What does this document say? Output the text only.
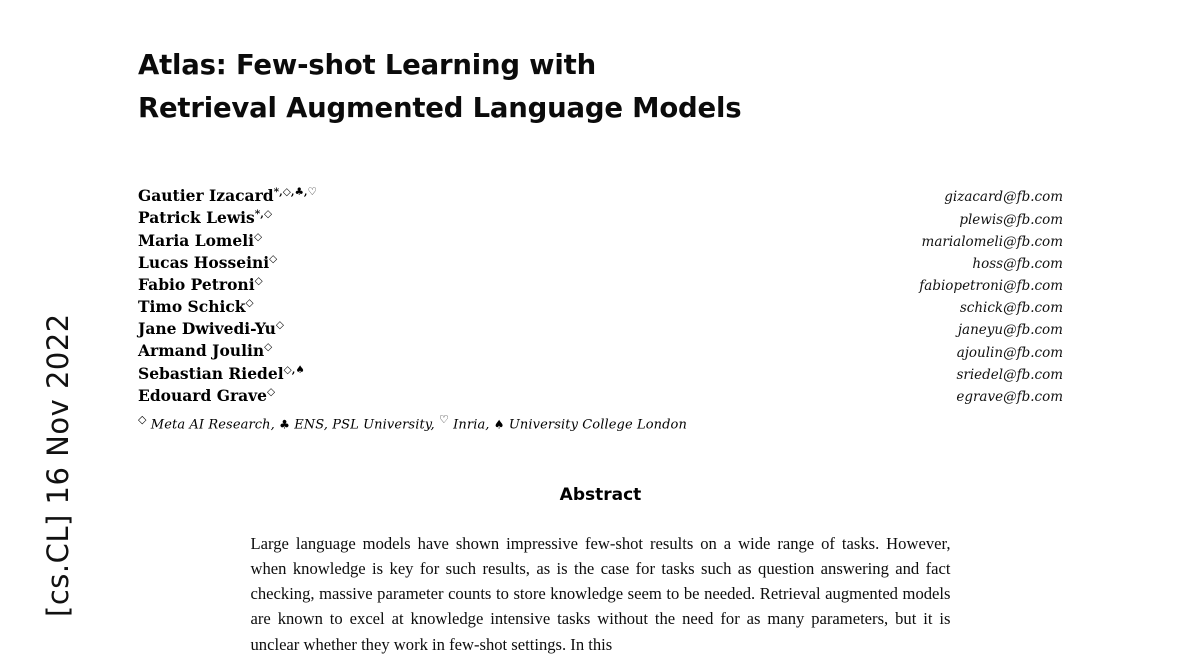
[cs.CL] 16 Nov 2022
Atlas: Few-shot Learning with
Retrieval Augmented Language Models
Gautier Izacard*,◇,♣,♡	gizacard@fb.com
Patrick Lewis*,◇	plewis@fb.com
Maria Lomeli◇	marialomeli@fb.com
Lucas Hosseini◇	hoss@fb.com
Fabio Petroni◇	fabiopetroni@fb.com
Timo Schick◇	schick@fb.com
Jane Dwivedi-Yu◇	janeyu@fb.com
Armand Joulin◇	ajoulin@fb.com
Sebastian Riedel◇,♠	sriedel@fb.com
Edouard Grave◇	egrave@fb.com
◇ Meta AI Research, ♣ ENS, PSL University, ♡ Inria, ♠ University College London
Abstract
Large language models have shown impressive few-shot results on a wide range of tasks. However, when knowledge is key for such results, as is the case for tasks such as question answering and fact checking, massive parameter counts to store knowledge seem to be needed. Retrieval augmented models are known to excel at knowledge intensive tasks without the need for as many parameters, but it is unclear whether they work in few-shot settings. In this
